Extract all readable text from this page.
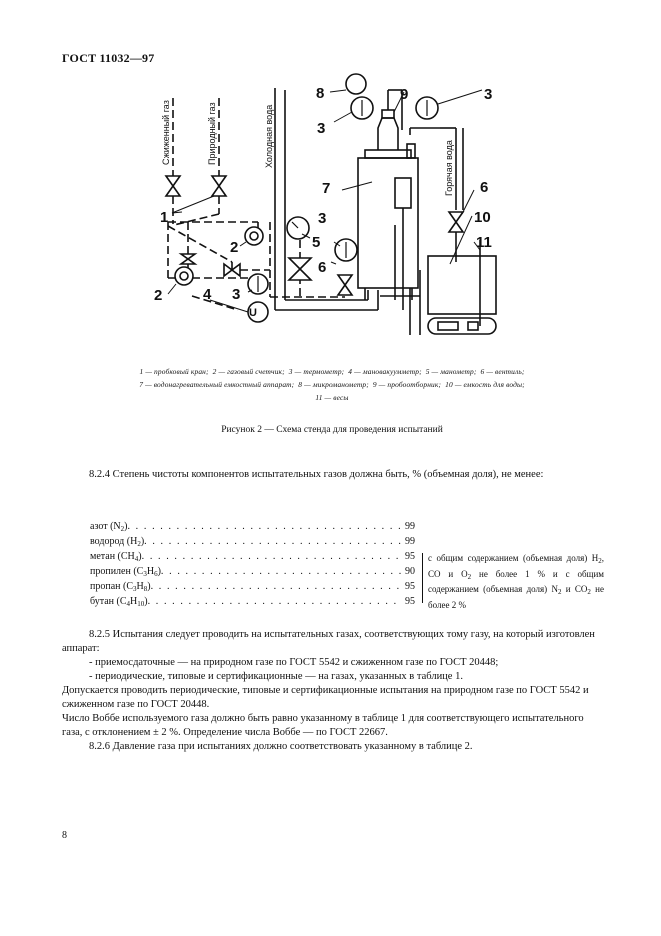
ГОСТ 11032—97
U
1
2
2	3
3
3
3
4
5
6
6
7
8	9
10
11
Сжиженный газ	Природный газ	Холодная вода
Горячая вода
1 — пробковый кран; 2 — газовый счетчик; 3 — термометр; 4 — мановакуумметр; 5 — манометр; 6 — вентиль;
7 — водонагревательный емкостный аппарат; 8 — микроманометр; 9 — пробоотборник; 10 — емкость для воды;
11 — весы
Рисунок 2 — Схема стенда для проведения испытаний
8.2.4 Степень чистоты компонентов испытательных газов должна быть, % (объемная доля), не менее:
азот $(N_2)$ . . .	99
водород $(H_2)$ . . .	99
метан $(CH_4)$ . . .	95
пропилен $(C_3H_6)$ . . .	90
пропан $(C_3H_8)$ . . .	95
бутан $(C_4H_{10})$ . . .	95
с общим содержанием (объемная доля) $H_2$, CO и $O_2$ не более 1 % и с общим содержанием (объемная доля) $N_2$ и $CO_2$ не более 2 %
8.2.5 Испытания следует проводить на испытательных газах, соответствующих тому газу, на который изготовлен аппарат:
- приемосдаточные — на природном газе по ГОСТ 5542 и сжиженном газе по ГОСТ 20448;
- периодические, типовые и сертификационные — на газах, указанных в таблице 1.
Допускается проводить периодические, типовые и сертификационные испытания на природном газе по ГОСТ 5542 и сжиженном газе по ГОСТ 20448.
Число Воббе используемого газа должно быть равно указанному в таблице 1 для соответствующего испытательного газа, с отклонением ± 2 %. Определение числа Воббе — по ГОСТ 22667.
8.2.6 Давление газа при испытаниях должно соответствовать указанному в таблице 2.
8
